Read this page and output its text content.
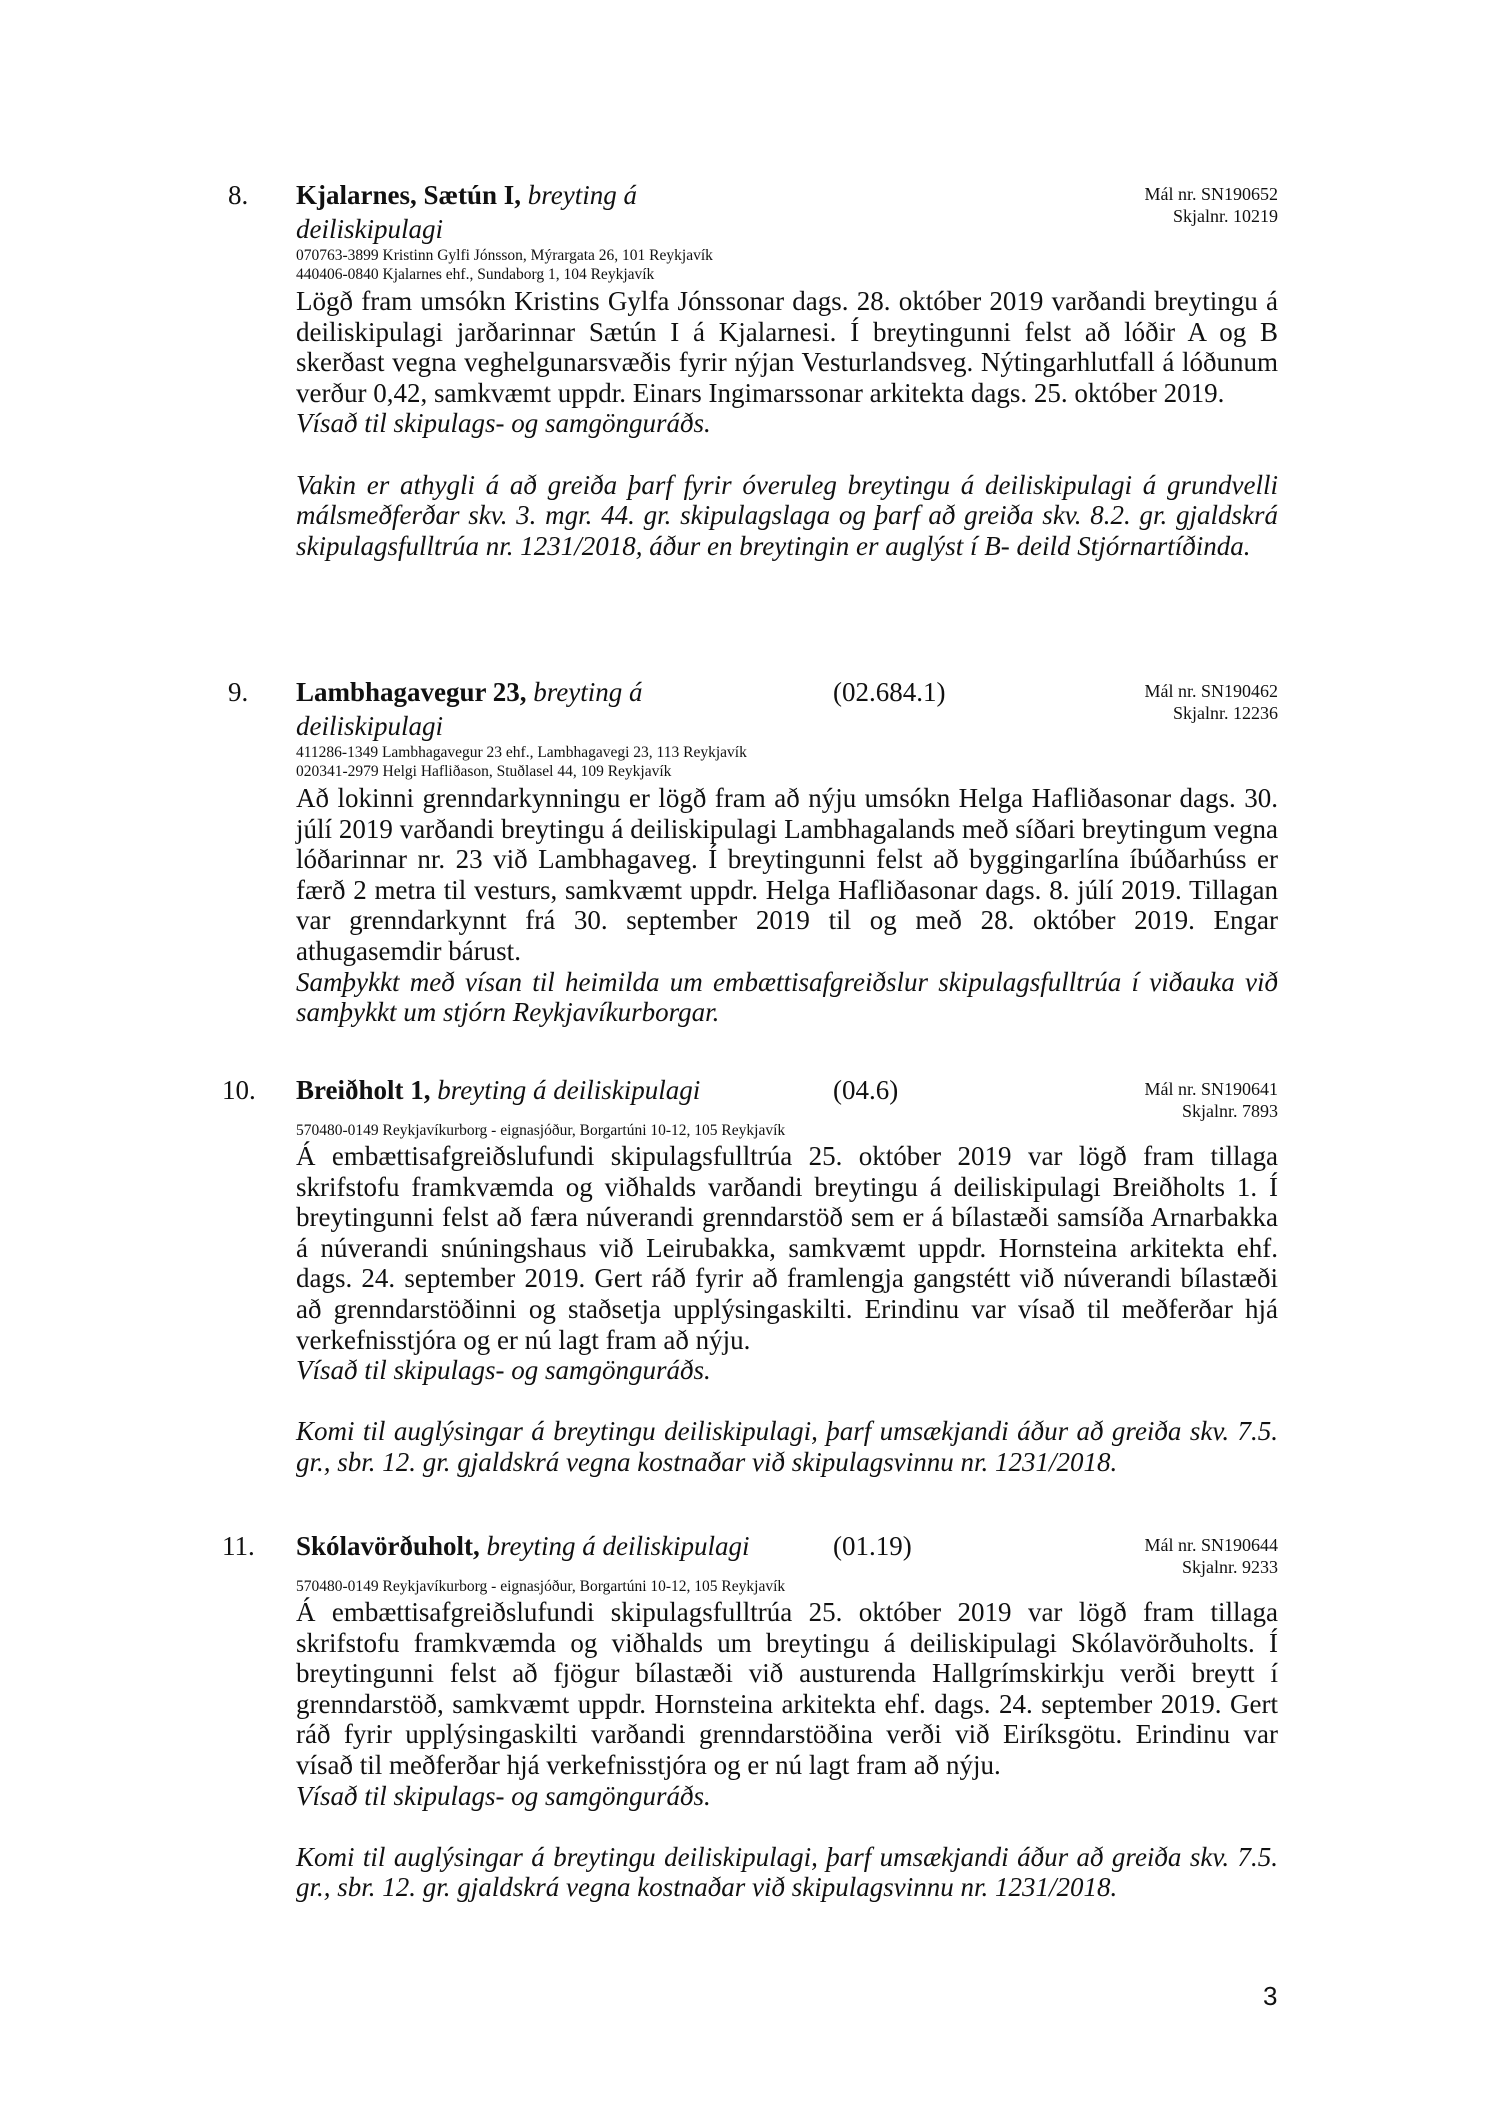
8.	Kjalarnes, Sætún I, breyting á
deiliskipulagi
Mál nr. SN190652
Skjalnr. 10219
070763-3899 Kristinn Gylfi Jónsson, Mýrargata 26, 101 Reykjavík
440406-0840 Kjalarnes ehf., Sundaborg 1, 104 Reykjavík

Lögð fram umsókn Kristins Gylfa Jónssonar dags. 28. október 2019 varðandi breytingu á deiliskipulagi jarðarinnar Sætún I á Kjalarnesi. Í breytingunni felst að lóðir A og B skerðast vegna veghelgunarsvæðis fyrir nýjan Vesturlandsveg. Nýtingarhlutfall á lóðunum verður 0,42, samkvæmt uppdr. Einars Ingimarssonar arkitekta dags. 25. október 2019.

Vísað til skipulags- og samgönguráðs.

Vakin er athygli á að greiða þarf fyrir óveruleg breytingu á deiliskipulagi á grundvelli málsmeðferðar skv. 3. mgr. 44. gr. skipulagslaga og þarf að greiða skv. 8.2. gr. gjaldskrá skipulagsfulltrúa nr. 1231/2018, áður en breytingin er auglýst í B- deild Stjórnartíðinda.

9.	Lambhagavegur 23, breyting á
deiliskipulagi
(02.684.1)	Mál nr. SN190462
Skjalnr. 12236
411286-1349 Lambhagavegur 23 ehf., Lambhagavegi 23, 113 Reykjavík
020341-2979 Helgi Hafliðason, Stuðlasel 44, 109 Reykjavík

Að lokinni grenndarkynningu er lögð fram að nýju umsókn Helga Hafliðasonar dags. 30. júlí 2019 varðandi breytingu á deiliskipulagi Lambhagalands með síðari breytingum vegna lóðarinnar nr. 23 við Lambhagaveg. Í breytingunni felst að byggingarlína íbúðarhúss er færð 2 metra til vesturs, samkvæmt uppdr. Helga Hafliðasonar dags. 8. júlí 2019. Tillagan var grenndarkynnt frá 30. september 2019 til og með 28. október 2019. Engar athugasemdir bárust.

Samþykkt með vísan til heimilda um embættisafgreiðslur skipulagsfulltrúa í viðauka við samþykkt um stjórn Reykjavíkurborgar.

10.	Breiðholt 1, breyting á deiliskipulagi	(04.6)	Mál nr. SN190641
Skjalnr. 7893
570480-0149 Reykjavíkurborg - eignasjóður, Borgartúni 10-12, 105 Reykjavík

Á embættisafgreiðslufundi skipulagsfulltrúa 25. október 2019 var lögð fram tillaga skrifstofu framkvæmda og viðhalds varðandi breytingu á deiliskipulagi Breiðholts 1. Í breytingunni felst að færa núverandi grenndarstöð sem er á bílastæði samsíða Arnarbakka á núverandi snúningshaus við Leirubakka, samkvæmt uppdr. Hornsteina arkitekta ehf. dags. 24. september 2019. Gert ráð fyrir að framlengja gangstétt við núverandi bílastæði að grenndarstöðinni og staðsetja upplýsingaskilti. Erindinu var vísað til meðferðar hjá verkefnisstjóra og er nú lagt fram að nýju.

Vísað til skipulags- og samgönguráðs.

Komi til auglýsingar á breytingu deiliskipulagi, þarf umsækjandi áður að greiða skv. 7.5. gr., sbr. 12. gr. gjaldskrá vegna kostnaðar við skipulagsvinnu nr. 1231/2018.

11.	Skólavörðuholt, breyting á deiliskipulagi	(01.19)	Mál nr. SN190644
Skjalnr. 9233
570480-0149 Reykjavíkurborg - eignasjóður, Borgartúni 10-12, 105 Reykjavík

Á embættisafgreiðslufundi skipulagsfulltrúa 25. október 2019 var lögð fram tillaga skrifstofu framkvæmda og viðhalds um breytingu á deiliskipulagi Skólavörðuholts. Í breytingunni felst að fjögur bílastæði við austurenda Hallgrímskirkju verði breytt í grenndarstöð, samkvæmt uppdr. Hornsteina arkitekta ehf. dags. 24. september 2019. Gert ráð fyrir upplýsingaskilti varðandi grenndarstöðina verði við Eiríksgötu. Erindinu var vísað til meðferðar hjá verkefnisstjóra og er nú lagt fram að nýju.

Vísað til skipulags- og samgönguráðs.

Komi til auglýsingar á breytingu deiliskipulagi, þarf umsækjandi áður að greiða skv. 7.5. gr., sbr. 12. gr. gjaldskrá vegna kostnaðar við skipulagsvinnu nr. 1231/2018.

3
